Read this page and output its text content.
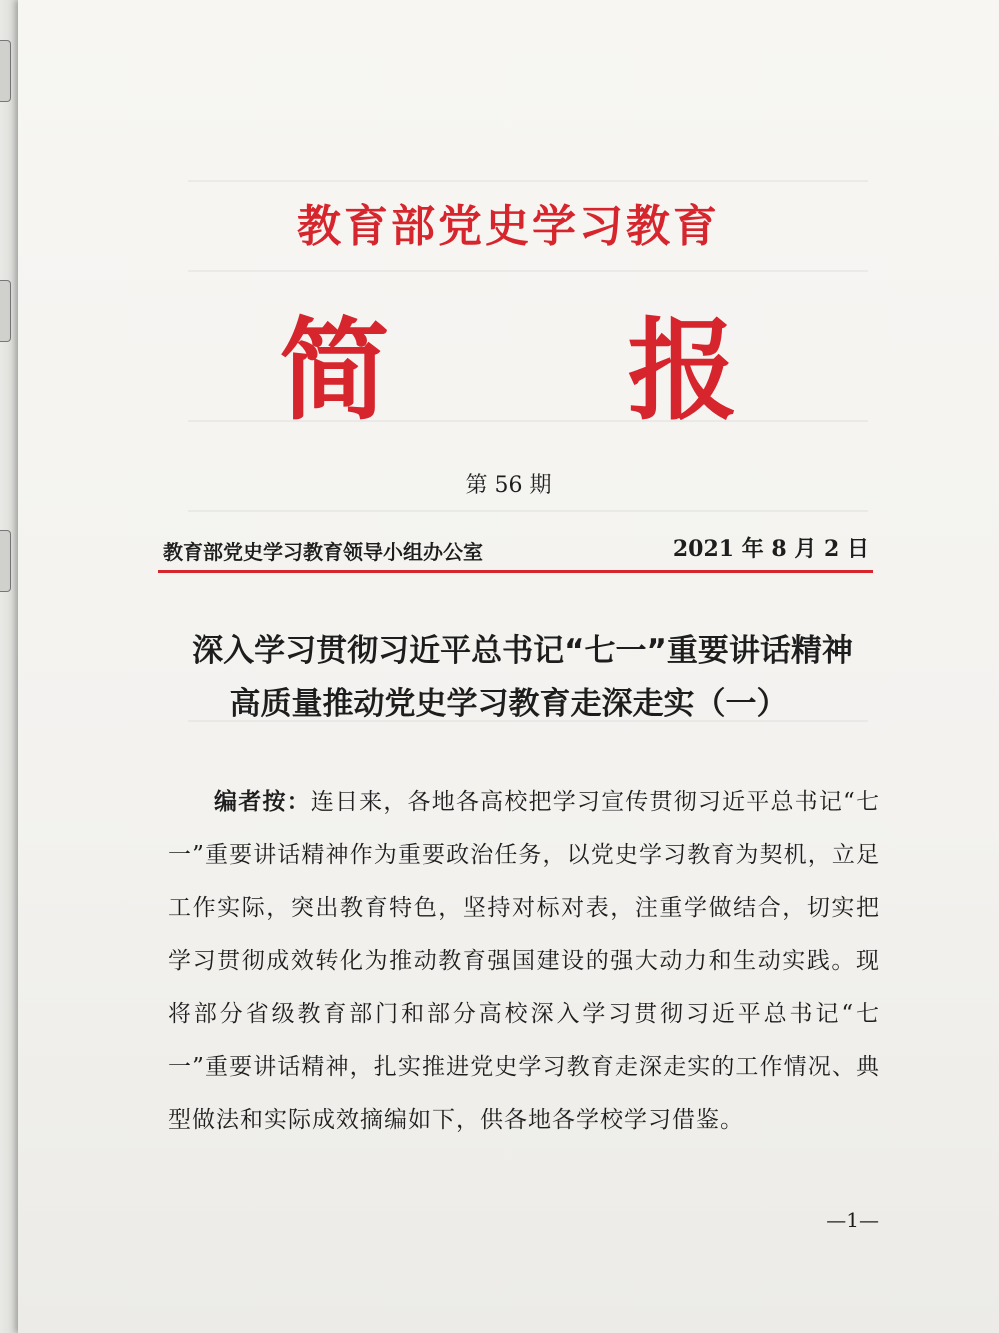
教育部党史学习教育
简 报
第 56 期
教育部党史学习教育领导小组办公室	2021 年 8 月 2 日
深入学习贯彻习近平总书记“七一”重要讲话精神
高质量推动党史学习教育走深走实（一）
编者按：连日来，各地各高校把学习宣传贯彻习近平总书记“七一”重要讲话精神作为重要政治任务，以党史学习教育为契机，立足工作实际，突出教育特色，坚持对标对表，注重学做结合，切实把学习贯彻成效转化为推动教育强国建设的强大动力和生动实践。现将部分省级教育部门和部分高校深入学习贯彻习近平总书记“七一”重要讲话精神，扎实推进党史学习教育走深走实的工作情况、典型做法和实际成效摘编如下，供各地各学校学习借鉴。
—1—
